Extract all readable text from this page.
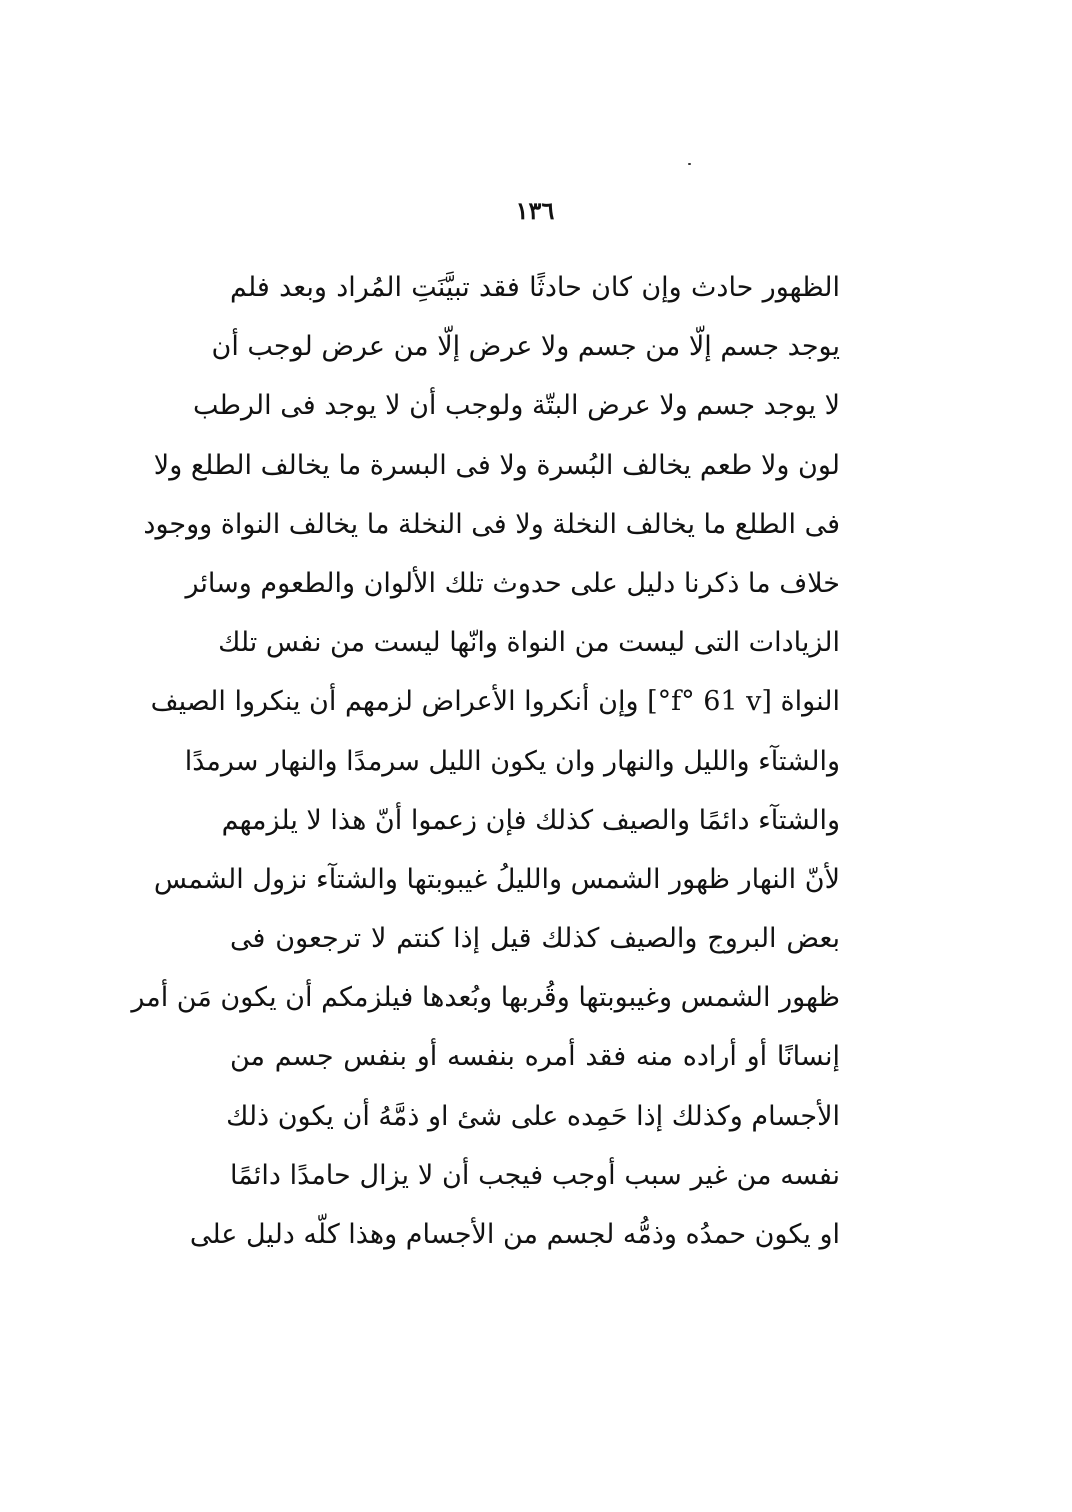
١٣٦
الظهور حادث وإن كان حادثًا فقد تبيَّنَتِ المُراد وبعد فلم
يوجد جسم إلّا من جسم ولا عرض إلّا من عرض لوجب أن
لا يوجد جسم ولا عرض البتّة ولوجب أن لا يوجد فى الرطب
لون ولا طعم يخالف البُسرة ولا فى البسرة ما يخالف الطلع ولا
فى الطلع ما يخالف النخلة ولا فى النخلة ما يخالف النواة ووجود
خلاف ما ذكرنا دليل على حدوث تلك الألوان والطعوم وسائر
الزيادات التى ليست من النواة وانّها ليست من نفس تلك
النواة [f° 61 v°] وإن أنكروا الأعراض لزمهم أن ينكروا الصيف
والشتآء والليل والنهار وان يكون الليل سرمدًا والنهار سرمدًا
والشتآء دائمًا والصيف كذلك فإن زعموا أنّ هذا لا يلزمهم
لأنّ النهار ظهور الشمس والليلُ غيبوبتها والشتآء نزول الشمس
بعض البروج والصيف كذلك قيل إذا كنتم لا ترجعون فى
ظهور الشمس وغيبوبتها وقُربها وبُعدها فيلزمكم أن يكون مَن أمر
إنسانًا أو أراده منه فقد أمره بنفسه أو بنفس جسم من
الأجسام وكذلك إذا حَمِده على شئ او ذمَّهُ أن يكون ذلك
نفسه من غير سبب أوجب فيجب أن لا يزال حامدًا دائمًا
او يكون حمدُه وذمُّه لجسم من الأجسام وهذا كلّه دليل على
